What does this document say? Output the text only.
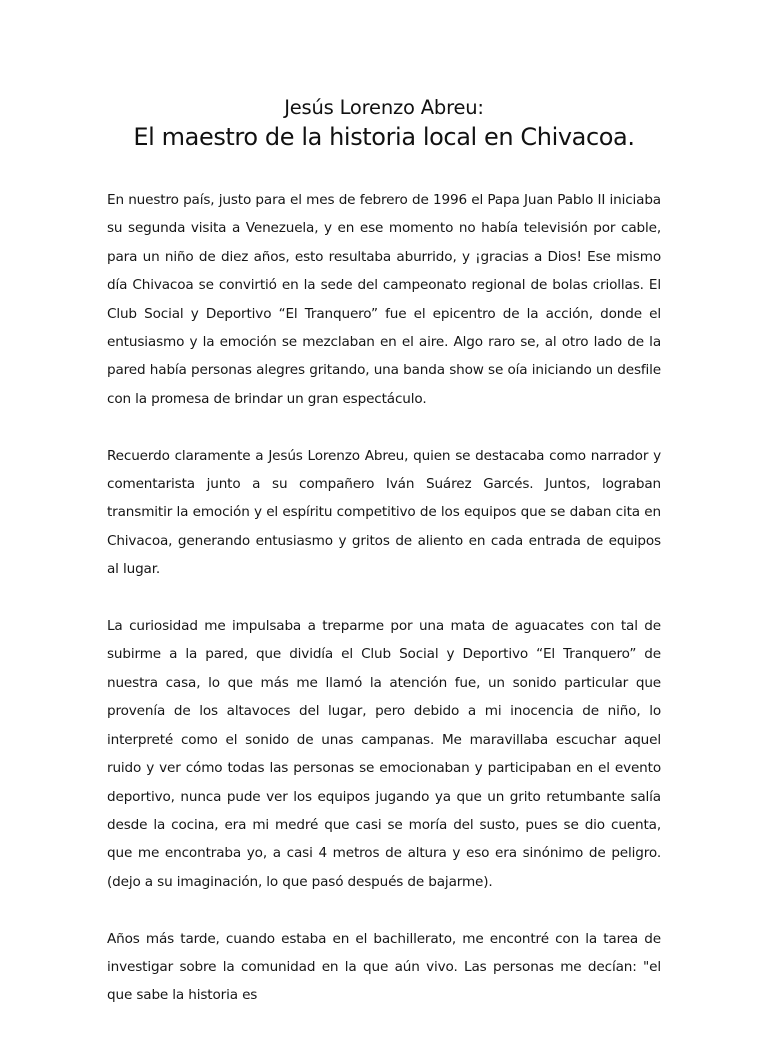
Jesús Lorenzo Abreu:
El maestro de la historia local en Chivacoa.

En nuestro país, justo para el mes de febrero de 1996 el Papa Juan Pablo II iniciaba su segunda visita a Venezuela, y en ese momento no había televisión por cable, para un niño de diez años, esto resultaba aburrido, y ¡gracias a Dios! Ese mismo día Chivacoa se convirtió en la sede del campeonato regional de bolas criollas. El Club Social y Deportivo “El Tranquero” fue el epicentro de la acción, donde el entusiasmo y la emoción se mezclaban en el aire. Algo raro se, al otro lado de la pared había personas alegres gritando, una banda show se oía iniciando un desfile con la promesa de brindar un gran espectáculo.

Recuerdo claramente a Jesús Lorenzo Abreu, quien se destacaba como narrador y comentarista junto a su compañero Iván Suárez Garcés. Juntos, lograban transmitir la emoción y el espíritu competitivo de los equipos que se daban cita en Chivacoa, generando entusiasmo y gritos de aliento en cada entrada de equipos al lugar.

La curiosidad me impulsaba a treparme por una mata de aguacates con tal de subirme a la pared, que dividía el Club Social y Deportivo “El Tranquero” de nuestra casa, lo que más me llamó la atención fue, un sonido particular que provenía de los altavoces del lugar, pero debido a mi inocencia de niño, lo interpreté como el sonido de unas campanas. Me maravillaba escuchar aquel ruido y ver cómo todas las personas se emocionaban y participaban en el evento deportivo, nunca pude ver los equipos jugando ya que un grito retumbante salía desde la cocina, era mi medré que casi se moría del susto, pues se dio cuenta, que me encontraba yo, a casi 4 metros de altura y eso era sinónimo de peligro. (dejo a su imaginación, lo que pasó después de bajarme).

Años más tarde, cuando estaba en el bachillerato, me encontré con la tarea de investigar sobre la comunidad en la que aún vivo. Las personas me decían: "el que sabe la historia es
